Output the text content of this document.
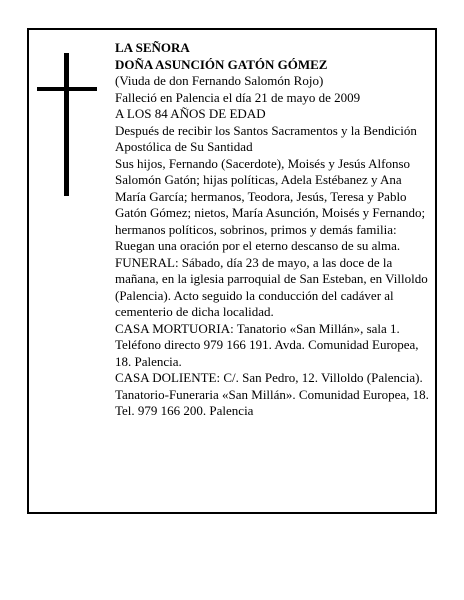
LA SEÑORA

DOÑA ASUNCIÓN GATÓN GÓMEZ

(Viuda de don Fernando Salomón Rojo)

Falleció en Palencia el día 21 de mayo de 2009

A LOS 84 AÑOS DE EDAD

Después de recibir los Santos Sacramentos y la Bendición Apostólica de Su Santidad

Sus hijos, Fernando (Sacerdote), Moisés y Jesús Alfonso Salomón Gatón; hijas políticas, Adela Estébanez y Ana María García; hermanos, Teodora, Jesús, Teresa y Pablo Gatón Gómez; nietos, María Asunción, Moisés y Fernando; hermanos políticos, sobrinos, primos y demás familia:

Ruegan una oración por el eterno descanso de su alma.

FUNERAL: Sábado, día 23 de mayo, a las doce de la mañana, en la iglesia parroquial de San Esteban, en Villoldo (Palencia). Acto seguido la conducción del cadáver al cementerio de dicha localidad.

CASA MORTUORIA: Tanatorio «San Millán», sala 1. Teléfono directo 979 166 191. Avda. Comunidad Europea, 18. Palencia.

CASA DOLIENTE: C/. San Pedro, 12. Villoldo (Palencia).

Tanatorio-Funeraria «San Millán». Comunidad Europea, 18. Tel. 979 166 200. Palencia
